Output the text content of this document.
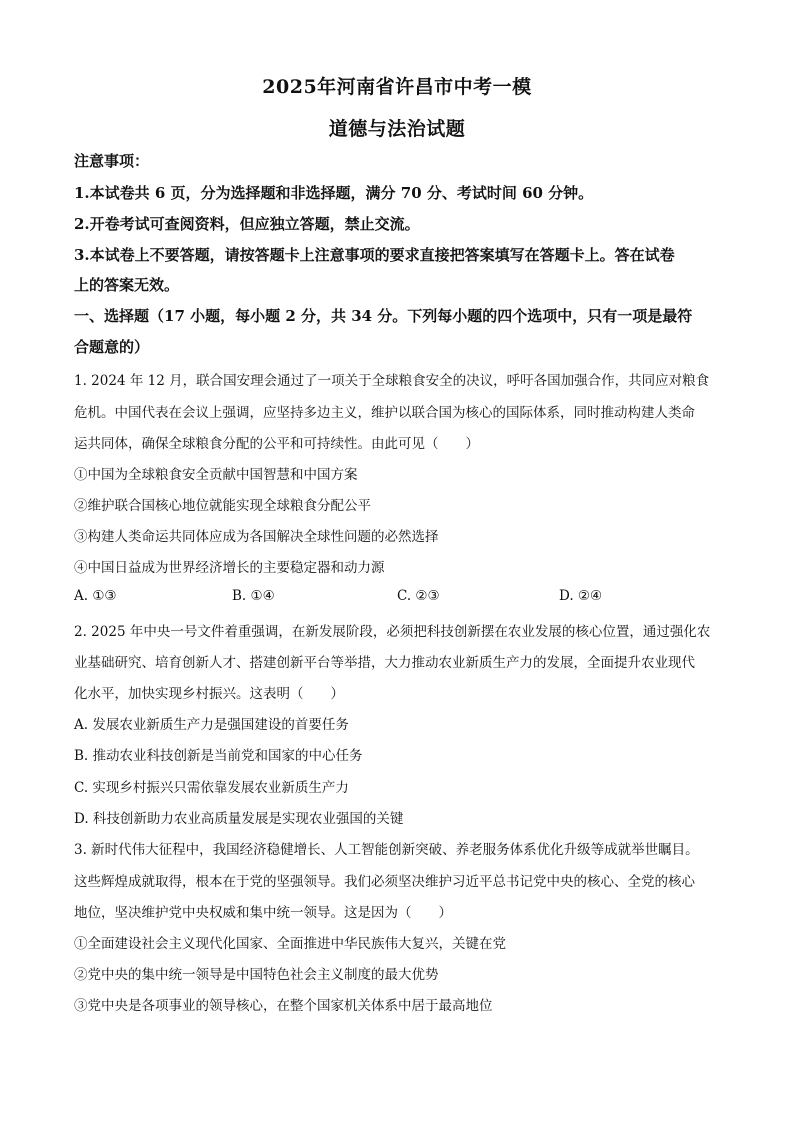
2025年河南省许昌市中考一模
道德与法治试题
注意事项：
1.本试卷共 6 页，分为选择题和非选择题，满分 70 分、考试时间 60 分钟。
2.开卷考试可查阅资料，但应独立答题，禁止交流。
3.本试卷上不要答题，请按答题卡上注意事项的要求直接把答案填写在答题卡上。答在试卷
上的答案无效。
一、选择题（17 小题，每小题 2 分，共 34 分。下列每小题的四个选项中，只有一项是最符
合题意的）
1. 2024 年 12 月，联合国安理会通过了一项关于全球粮食安全的决议，呼吁各国加强合作，共同应对粮食
危机。中国代表在会议上强调，应坚持多边主义，维护以联合国为核心的国际体系，同时推动构建人类命
运共同体，确保全球粮食分配的公平和可持续性。由此可见（　　）
①中国为全球粮食安全贡献中国智慧和中国方案
②维护联合国核心地位就能实现全球粮食分配公平
③构建人类命运共同体应成为各国解决全球性问题的必然选择
④中国日益成为世界经济增长的主要稳定器和动力源
A. ①③	B. ①④	C. ②③	D. ②④
2. 2025 年中央一号文件着重强调，在新发展阶段，必须把科技创新摆在农业发展的核心位置，通过强化农
业基础研究、培育创新人才、搭建创新平台等举措，大力推动农业新质生产力的发展，全面提升农业现代
化水平，加快实现乡村振兴。这表明（　　）
A. 发展农业新质生产力是强国建设的首要任务
B. 推动农业科技创新是当前党和国家的中心任务
C. 实现乡村振兴只需依靠发展农业新质生产力
D. 科技创新助力农业高质量发展是实现农业强国的关键
3. 新时代伟大征程中，我国经济稳健增长、人工智能创新突破、养老服务体系优化升级等成就举世瞩目。
这些辉煌成就取得，根本在于党的坚强领导。我们必须坚决维护习近平总书记党中央的核心、全党的核心
地位，坚决维护党中央权威和集中统一领导。这是因为（　　）
①全面建设社会主义现代化国家、全面推进中华民族伟大复兴，关键在党
②党中央的集中统一领导是中国特色社会主义制度的最大优势
③党中央是各项事业的领导核心，在整个国家机关体系中居于最高地位
